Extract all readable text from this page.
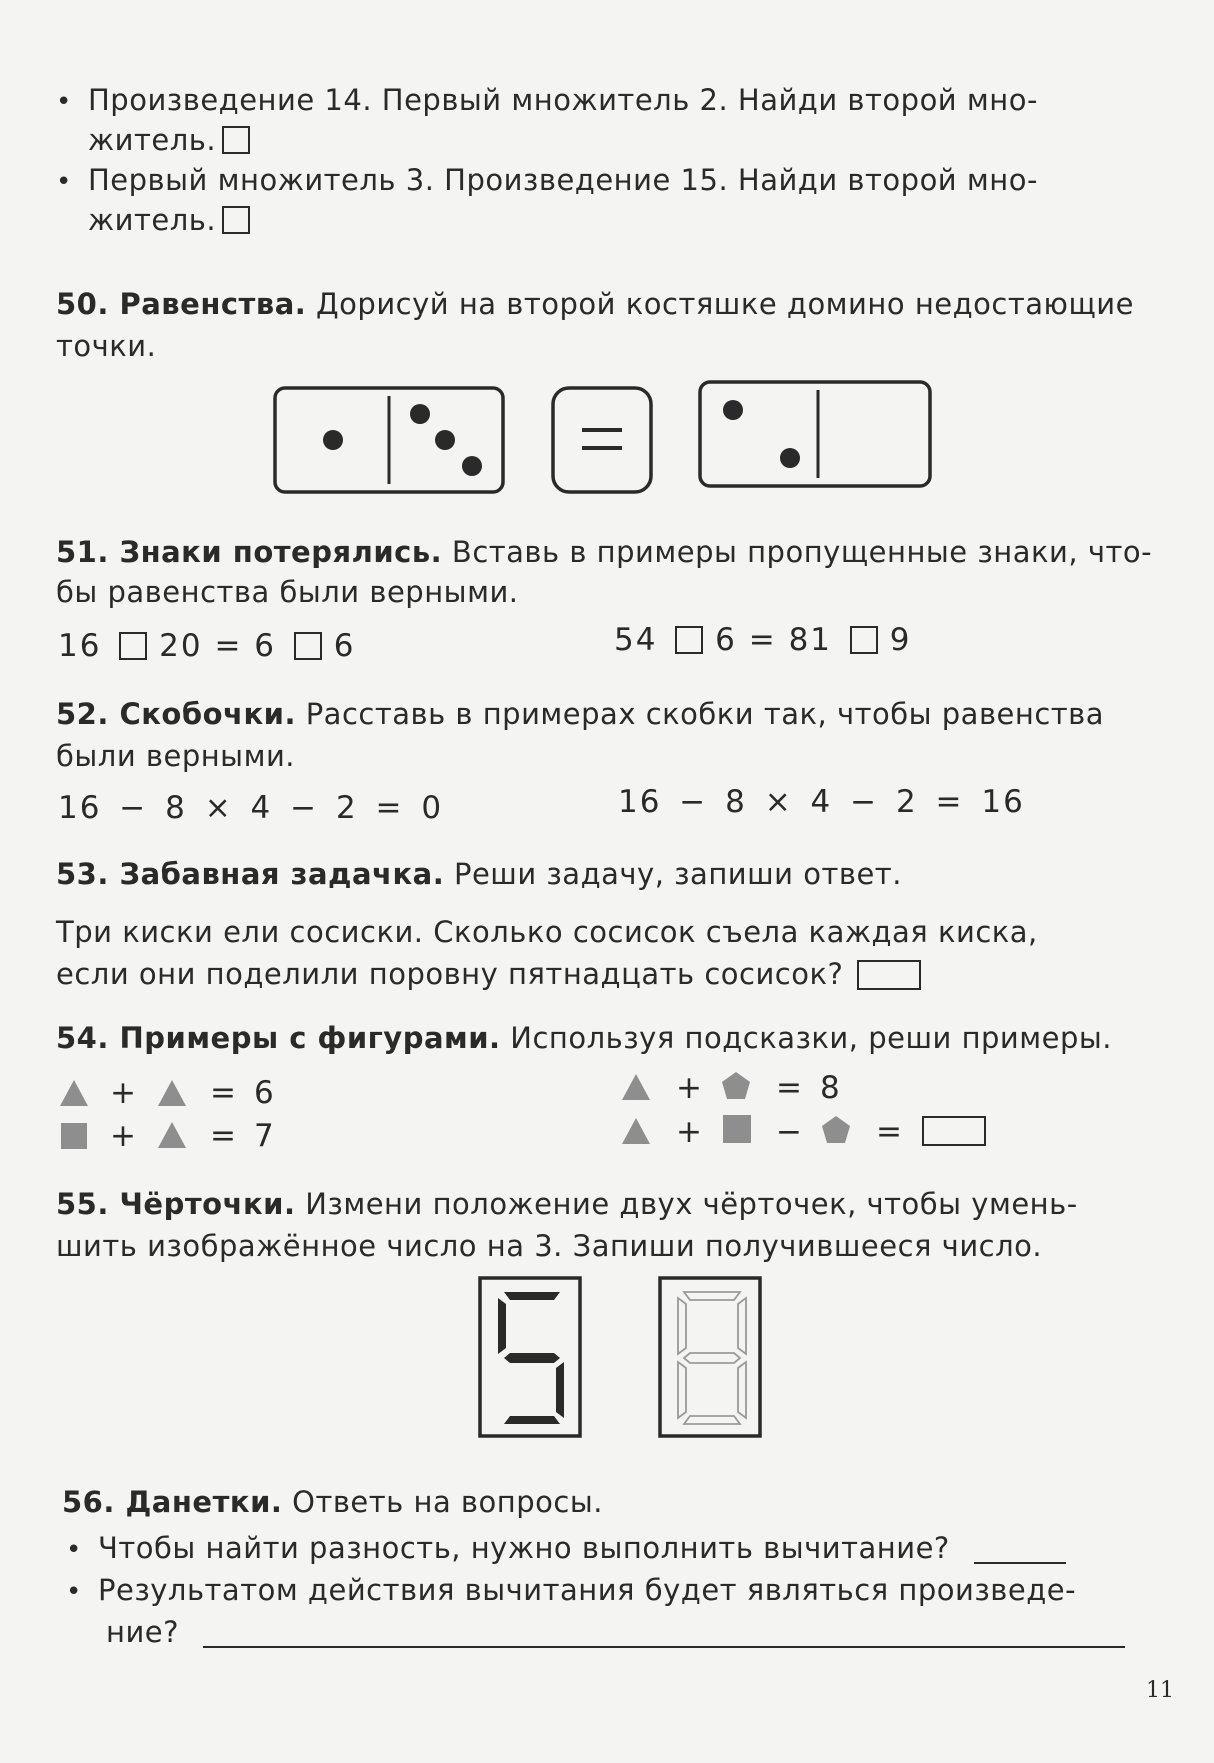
• Произведение 14. Первый множитель 2. Найди второй мно-
житель.
• Первый множитель 3. Произведение 15. Найди второй мно-
житель.
50. Равенства. Дорисуй на второй костяшке домино недостающие
точки.
51. Знаки потерялись. Вставь в примеры пропущенные знаки, что-
бы равенства были верными.
16 20 = 6 6	54 6 = 81 9
52. Скобочки. Расставь в примерах скобки так, чтобы равенства
были верными.
16 − 8 × 4 − 2 = 0	16 − 8 × 4 − 2 = 16
53. Забавная задачка. Реши задачу, запиши ответ.
Три киски ели сосиски. Сколько сосисок съела каждая киска,
если они поделили поровну пятнадцать сосисок?
54. Примеры с фигурами. Используя подсказки, реши примеры.
+ = 6
+ = 7
+ = 8
+ − =
55. Чёрточки. Измени положение двух чёрточек, чтобы умень-
шить изображённое число на 3. Запиши получившееся число.
56. Данетки. Ответь на вопросы.
• Чтобы найти разность, нужно выполнить вычитание?
• Результатом действия вычитания будет являться произведе-
ние?
11
